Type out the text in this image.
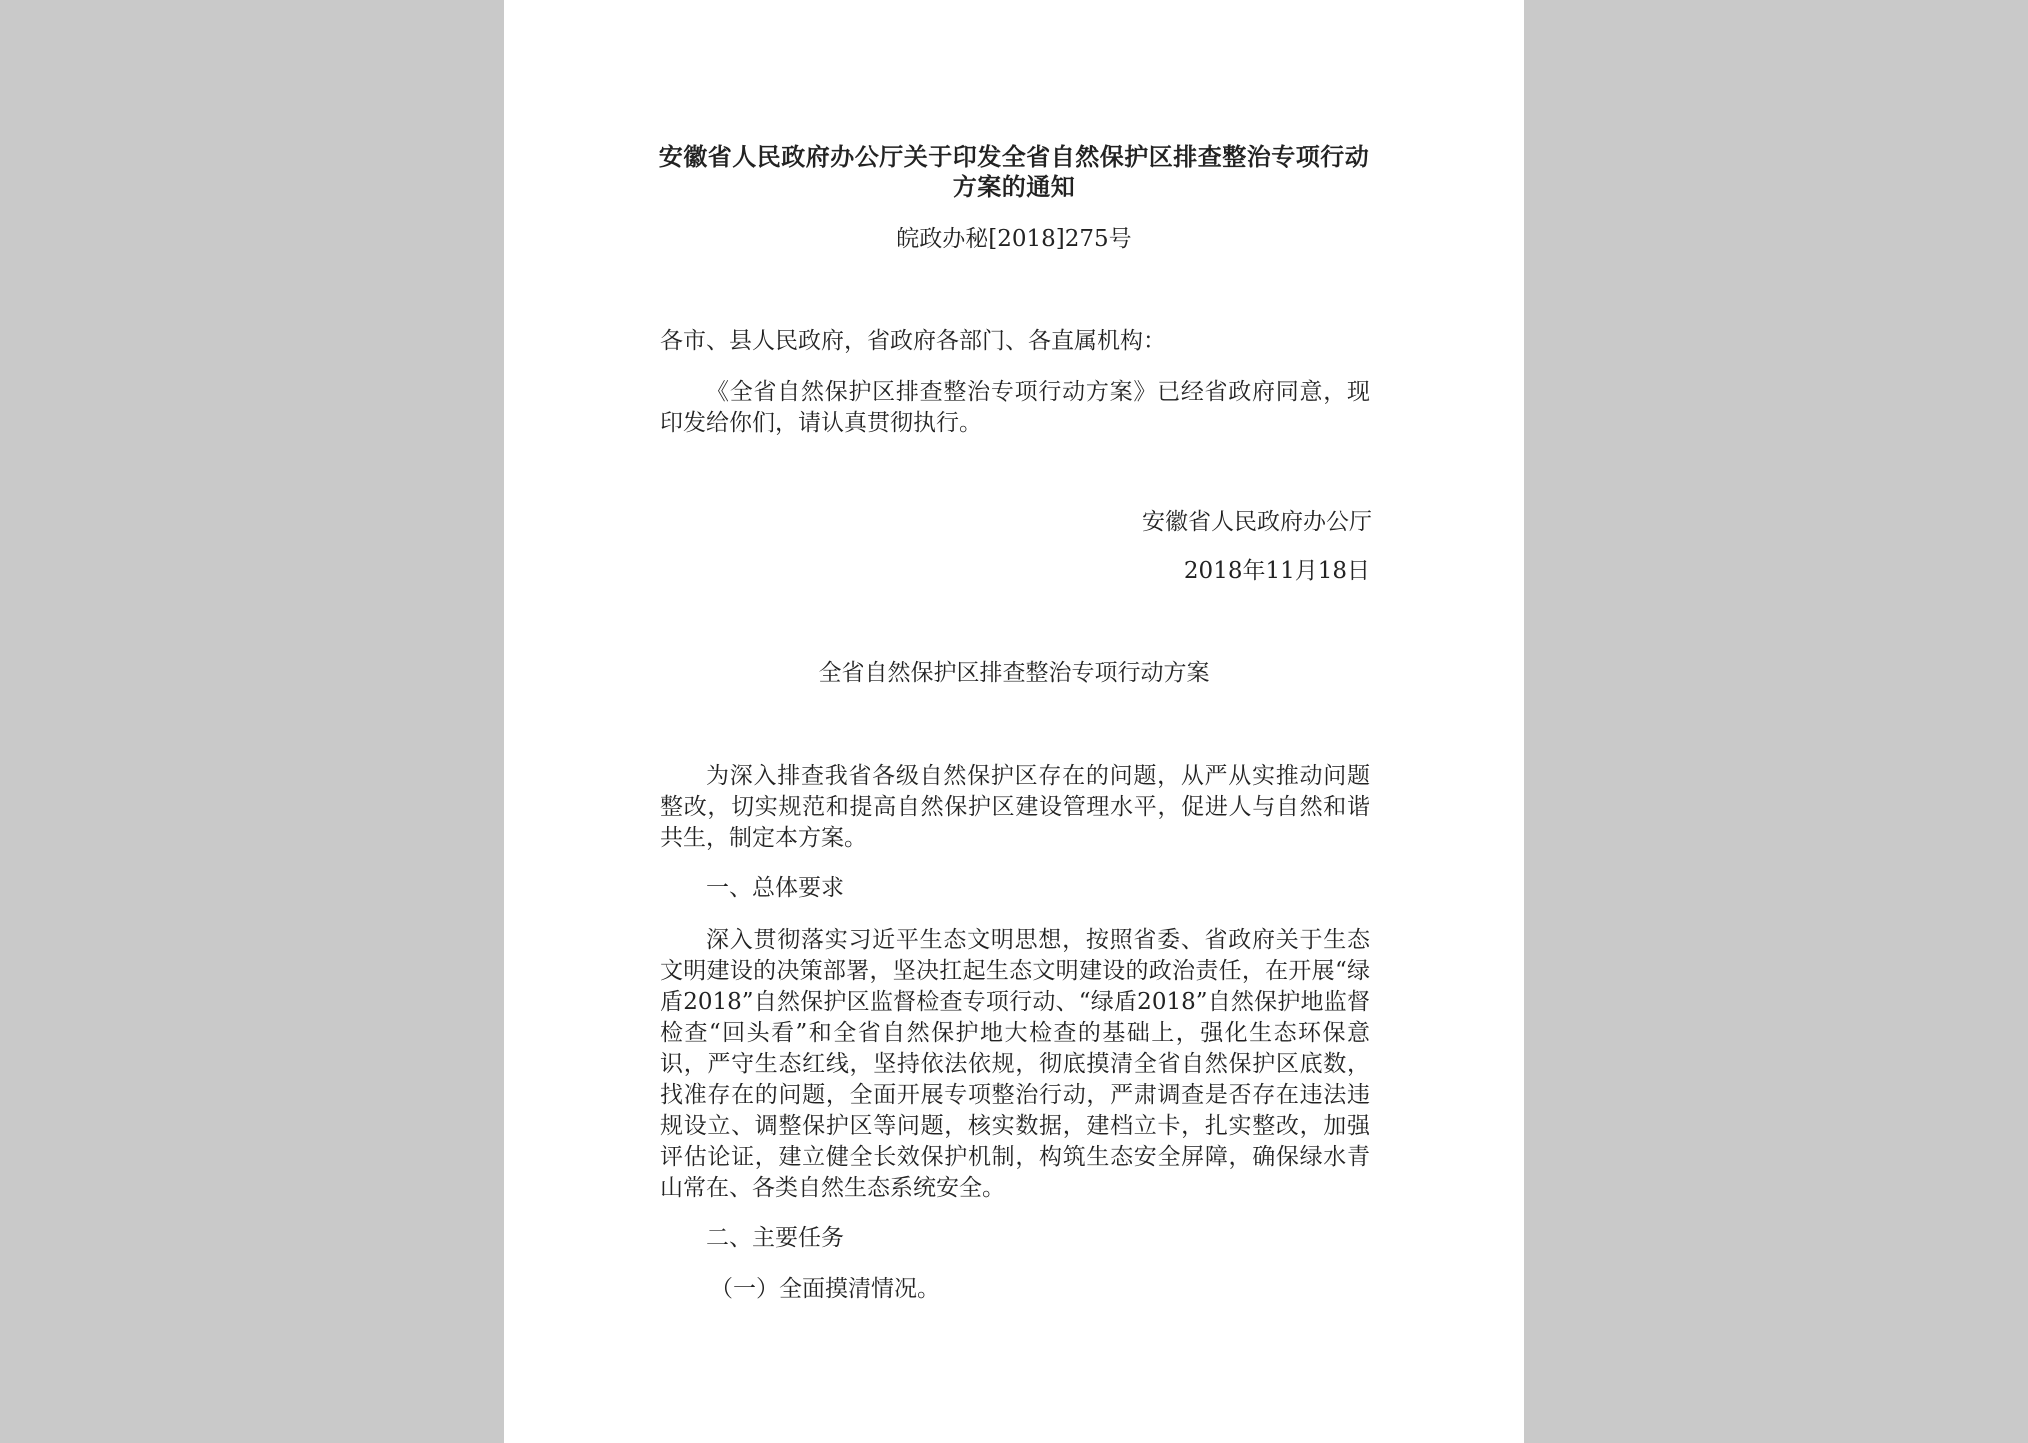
安徽省人民政府办公厅关于印发全省自然保护区排查整治专项行动
方案的通知
皖政办秘[2018]275号
各市、县人民政府，省政府各部门、各直属机构：
《全省自然保护区排查整治专项行动方案》已经省政府同意，现印发给你们，请认真贯彻执行。
安徽省人民政府办公厅
2018年11月18日
全省自然保护区排查整治专项行动方案
为深入排查我省各级自然保护区存在的问题，从严从实推动问题整改，切实规范和提高自然保护区建设管理水平，促进人与自然和谐共生，制定本方案。
一、总体要求
深入贯彻落实习近平生态文明思想，按照省委、省政府关于生态文明建设的决策部署，坚决扛起生态文明建设的政治责任，在开展“绿盾2018”自然保护区监督检查专项行动、“绿盾2018”自然保护地监督检查“回头看”和全省自然保护地大检查的基础上，强化生态环保意识，严守生态红线，坚持依法依规，彻底摸清全省自然保护区底数，找准存在的问题，全面开展专项整治行动，严肃调查是否存在违法违规设立、调整保护区等问题，核实数据，建档立卡，扎实整改，加强评估论证，建立健全长效保护机制，构筑生态安全屏障，确保绿水青山常在、各类自然生态系统安全。
二、主要任务
（一）全面摸清情况。
